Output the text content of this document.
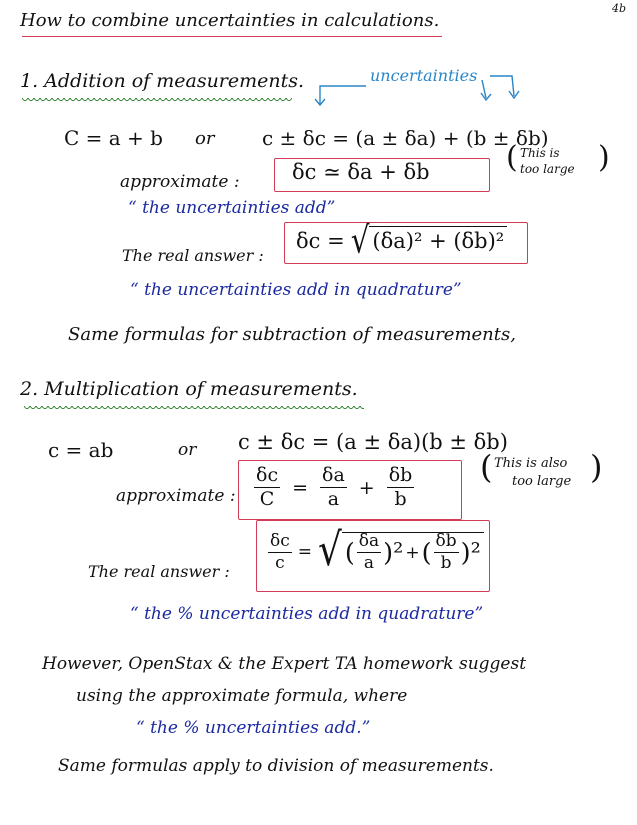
4b
How to combine uncertainties in calculations.
1. Addition of measurements.	uncertainties
C = a + b or c ± δc = (a ± δa) + (b ± δb)
approximate : δc ≃ δa + δb
This is
too large
(	)
“ the uncertainties add”
The real answer :
δc = √ (δa)² + (δb)²
“ the uncertainties add in quadrature”
Same formulas for subtraction of measurements,
2. Multiplication of measurements.
c = ab	or c ± δc = (a ± δa)(b ± δb)
approximate : $\frac{\delta c}{C} = \frac{\delta a}{a} + \frac{\delta b}{b}$ ( This is also
too large )
The real answer : $\frac{\delta c}{c}$ = √ ( $\frac{\delta a}{a} )^2$ + ( $\frac{\delta b}{b} )^2$
“ the % uncertainties add in quadrature”
However, OpenStax & the Expert TA homework suggest
using the approximate formula, where
“ the % uncertainties add.”
Same formulas apply to division of measurements.
